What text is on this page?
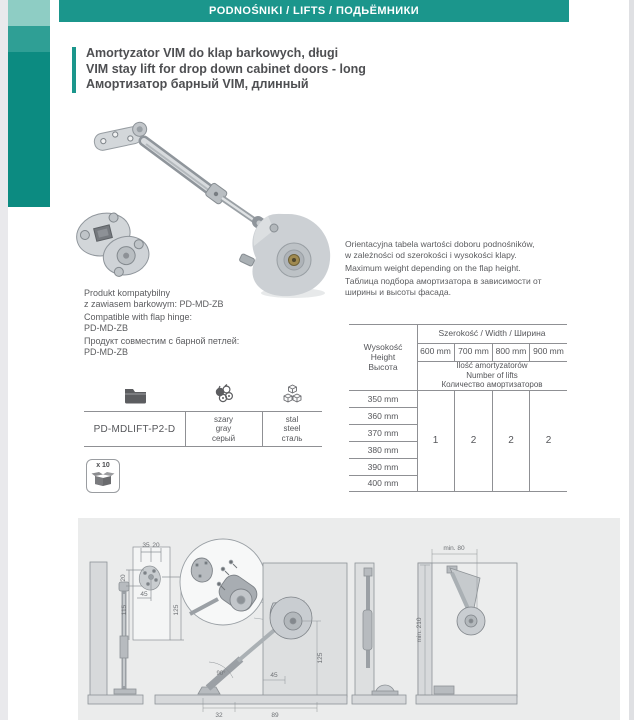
PODNOŚNIKI / LIFTS / ПОДЬЁМНИКИ
Amortyzator VIM do klap barkowych, długi
VIM stay lift for drop down cabinet doors - long
Амортизатор барный VIM, длинный
Produkt kompatybilny
z zawiasem barkowym: PD-MD-ZB
Compatible with flap hinge:
PD-MD-ZB
Продукт совместим с барной петлей:
PD-MD-ZB
Orientacyjna tabela wartości doboru podnośników,
w zależności od szerokości i wysokości klapy.
Maximum weight depending on the flap height.
Таблица подбора амортизатора в зависимости от
ширины и высоты фасада.
Szerokość / Width / Ширина
600 mm 700 mm 800 mm 900 mm
Wysokość
Height
Высота	Ilość amortyzatorów
Number of lifts
Количество амортизаторов
350 mm
360 mm
370 mm
380 mm
390 mm
400 mm
1	2	2	2
PD-MDLIFT-P2-D
szary
gray
серый
stal
steel
сталь
x 10
35 20
20
45
115	125
125
45
90°
32	89
min. 80
min. 210
